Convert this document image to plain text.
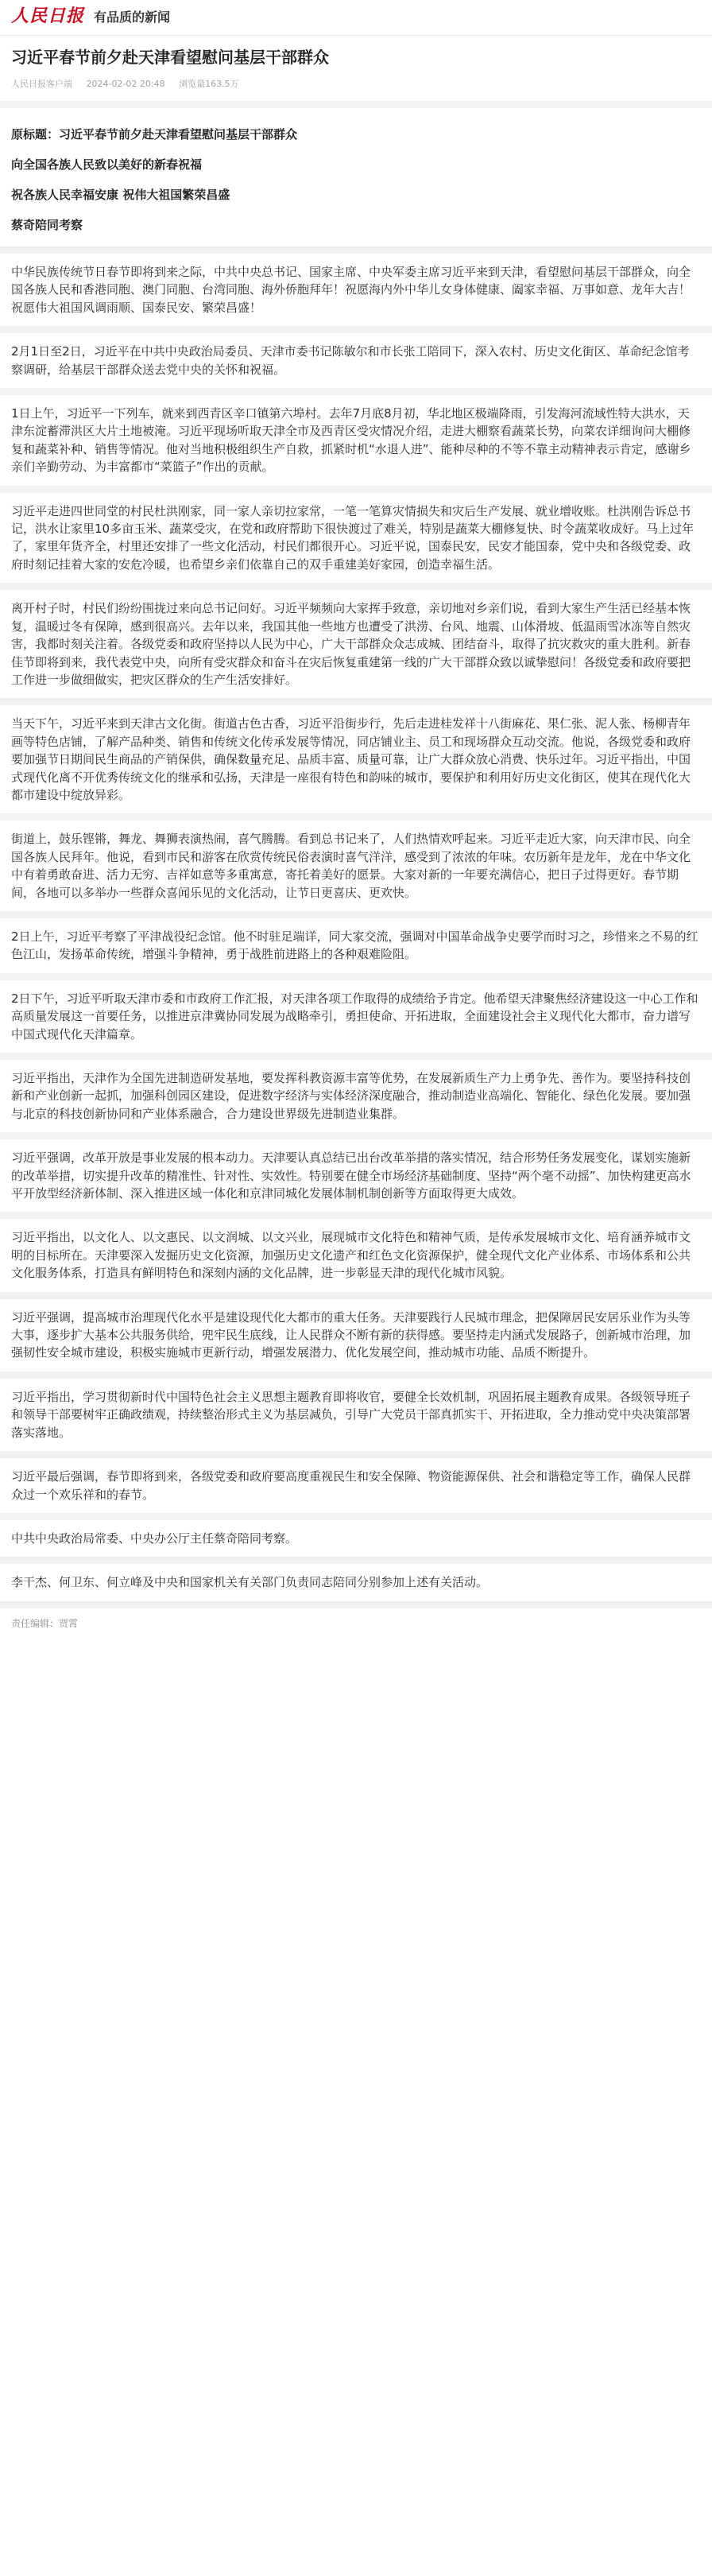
人民日报 有品质的新闻
习近平春节前夕赴天津看望慰问基层干部群众
人民日报客户端 2024-02-02 20:48 浏览量163.5万

原标题：习近平春节前夕赴天津看望慰问基层干部群众

向全国各族人民致以美好的新春祝福

祝各族人民幸福安康 祝伟大祖国繁荣昌盛

蔡奇陪同考察

中华民族传统节日春节即将到来之际，中共中央总书记、国家主席、中央军委主席习近平来到天津，看望慰问基层干部群众，向全国各族人民和香港同胞、澳门同胞、台湾同胞、海外侨胞拜年！祝愿海内外中华儿女身体健康、阖家幸福、万事如意、龙年大吉！祝愿伟大祖国风调雨顺、国泰民安、繁荣昌盛！

2月1日至2日，习近平在中共中央政治局委员、天津市委书记陈敏尔和市长张工陪同下，深入农村、历史文化街区、革命纪念馆考察调研，给基层干部群众送去党中央的关怀和祝福。

1日上午，习近平一下列车，就来到西青区辛口镇第六埠村。去年7月底8月初，华北地区极端降雨，引发海河流域性特大洪水，天津东淀蓄滞洪区大片土地被淹。习近平现场听取天津全市及西青区受灾情况介绍，走进大棚察看蔬菜长势，向菜农详细询问大棚修复和蔬菜补种、销售等情况。他对当地积极组织生产自救，抓紧时机“水退人进”、能种尽种的不等不靠主动精神表示肯定，感谢乡亲们辛勤劳动、为丰富都市“菜篮子”作出的贡献。

习近平走进四世同堂的村民杜洪刚家，同一家人亲切拉家常，一笔一笔算灾情损失和灾后生产发展、就业增收账。杜洪刚告诉总书记，洪水让家里10多亩玉米、蔬菜受灾，在党和政府帮助下很快渡过了难关，特别是蔬菜大棚修复快、时令蔬菜收成好。马上过年了，家里年货齐全，村里还安排了一些文化活动，村民们都很开心。习近平说，国泰民安，民安才能国泰，党中央和各级党委、政府时刻记挂着大家的安危冷暖，也希望乡亲们依靠自己的双手重建美好家园，创造幸福生活。

离开村子时，村民们纷纷围拢过来向总书记问好。习近平频频向大家挥手致意，亲切地对乡亲们说，看到大家生产生活已经基本恢复，温暖过冬有保障，感到很高兴。去年以来，我国其他一些地方也遭受了洪涝、台风、地震、山体滑坡、低温雨雪冰冻等自然灾害，我都时刻关注着。各级党委和政府坚持以人民为中心，广大干部群众众志成城、团结奋斗，取得了抗灾救灾的重大胜利。新春佳节即将到来，我代表党中央，向所有受灾群众和奋斗在灾后恢复重建第一线的广大干部群众致以诚挚慰问！各级党委和政府要把工作进一步做细做实，把灾区群众的生产生活安排好。

当天下午，习近平来到天津古文化街。街道古色古香，习近平沿街步行，先后走进桂发祥十八街麻花、果仁张、泥人张、杨柳青年画等特色店铺，了解产品种类、销售和传统文化传承发展等情况，同店铺业主、员工和现场群众互动交流。他说，各级党委和政府要加强节日期间民生商品的产销保供，确保数量充足、品质丰富、质量可靠，让广大群众放心消费、快乐过年。习近平指出，中国式现代化离不开优秀传统文化的继承和弘扬，天津是一座很有特色和韵味的城市，要保护和利用好历史文化街区，使其在现代化大都市建设中绽放异彩。

街道上，鼓乐铿锵，舞龙、舞狮表演热闹，喜气腾腾。看到总书记来了，人们热情欢呼起来。习近平走近大家，向天津市民、向全国各族人民拜年。他说，看到市民和游客在欣赏传统民俗表演时喜气洋洋，感受到了浓浓的年味。农历新年是龙年，龙在中华文化中有着勇敢奋进、活力无穷、吉祥如意等多重寓意，寄托着美好的愿景。大家对新的一年要充满信心，把日子过得更好。春节期间，各地可以多举办一些群众喜闻乐见的文化活动，让节日更喜庆、更欢快。

2日上午，习近平考察了平津战役纪念馆。他不时驻足端详，同大家交流，强调对中国革命战争史要学而时习之，珍惜来之不易的红色江山，发扬革命传统，增强斗争精神，勇于战胜前进路上的各种艰难险阻。

2日下午，习近平听取天津市委和市政府工作汇报，对天津各项工作取得的成绩给予肯定。他希望天津聚焦经济建设这一中心工作和高质量发展这一首要任务，以推进京津冀协同发展为战略牵引，勇担使命、开拓进取，全面建设社会主义现代化大都市，奋力谱写中国式现代化天津篇章。

习近平指出，天津作为全国先进制造研发基地，要发挥科教资源丰富等优势，在发展新质生产力上勇争先、善作为。要坚持科技创新和产业创新一起抓，加强科创园区建设，促进数字经济与实体经济深度融合，推动制造业高端化、智能化、绿色化发展。要加强与北京的科技创新协同和产业体系融合，合力建设世界级先进制造业集群。

习近平强调，改革开放是事业发展的根本动力。天津要认真总结已出台改革举措的落实情况，结合形势任务发展变化，谋划实施新的改革举措，切实提升改革的精准性、针对性、实效性。特别要在健全市场经济基础制度、坚持“两个毫不动摇”、加快构建更高水平开放型经济新体制、深入推进区域一体化和京津同城化发展体制机制创新等方面取得更大成效。

习近平指出，以文化人、以文惠民、以文润城、以文兴业，展现城市文化特色和精神气质，是传承发展城市文化、培育涵养城市文明的目标所在。天津要深入发掘历史文化资源，加强历史文化遗产和红色文化资源保护，健全现代文化产业体系、市场体系和公共文化服务体系，打造具有鲜明特色和深刻内涵的文化品牌，进一步彰显天津的现代化城市风貌。

习近平强调，提高城市治理现代化水平是建设现代化大都市的重大任务。天津要践行人民城市理念，把保障居民安居乐业作为头等大事，逐步扩大基本公共服务供给，兜牢民生底线，让人民群众不断有新的获得感。要坚持走内涵式发展路子，创新城市治理，加强韧性安全城市建设，积极实施城市更新行动，增强发展潜力、优化发展空间，推动城市功能、品质不断提升。

习近平指出，学习贯彻新时代中国特色社会主义思想主题教育即将收官，要健全长效机制，巩固拓展主题教育成果。各级领导班子和领导干部要树牢正确政绩观，持续整治形式主义为基层减负，引导广大党员干部真抓实干、开拓进取，全力推动党中央决策部署落实落地。

习近平最后强调，春节即将到来，各级党委和政府要高度重视民生和安全保障、物资能源保供、社会和谐稳定等工作，确保人民群众过一个欢乐祥和的春节。

中共中央政治局常委、中央办公厅主任蔡奇陪同考察。

李干杰、何卫东、何立峰及中央和国家机关有关部门负责同志陪同分别参加上述有关活动。

责任编辑：贾霄
